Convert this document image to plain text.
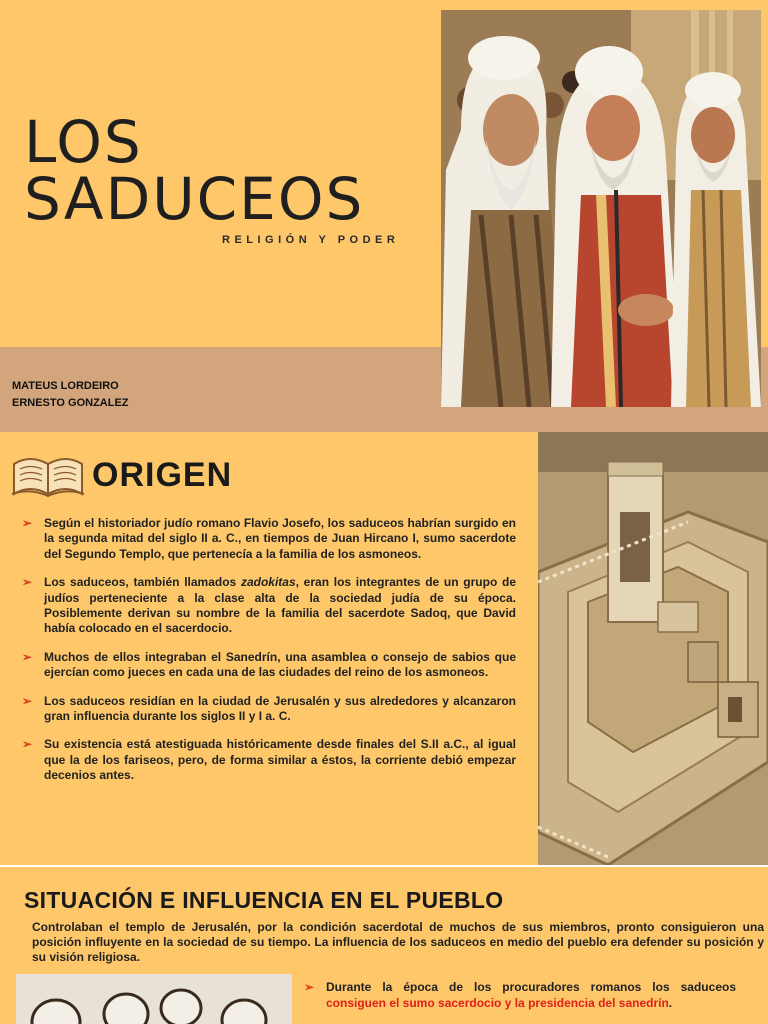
LOS
SADUCEOS
RELIGIÓN Y PODER
MATEUS LORDEIRO
ERNESTO GONZALEZ
ORIGEN
➢ Según el historiador judío romano Flavio Josefo, los saduceos habrían surgido en la segunda mitad del siglo II a. C., en tiempos de Juan Hircano I, sumo sacerdote del Segundo Templo, que pertenecía a la familia de los asmoneos.
➢ Los saduceos, también llamados zadokitas, eran los integrantes de un grupo de judíos perteneciente a la clase alta de la sociedad judía de su época. Posiblemente derivan su nombre de la familia del sacerdote Sadoq, que David había colocado en el sacerdocio.
➢ Muchos de ellos integraban el Sanedrín, una asamblea o consejo de sabios que ejercían como jueces en cada una de las ciudades del reino de los asmoneos.
➢ Los saduceos residían en la ciudad de Jerusalén y sus alrededores y alcanzaron gran influencia durante los siglos II y I a. C.
➢ Su existencia está atestiguada históricamente desde finales del S.II a.C., al igual que la de los fariseos, pero, de forma similar a éstos, la corriente debió empezar decenios antes.
SITUACIÓN E INFLUENCIA EN EL PUEBLO
Controlaban el templo de Jerusalén, por la condición sacerdotal de muchos de sus miembros, pronto consiguieron una posición influyente en la sociedad de su tiempo. La influencia de los saduceos en medio del pueblo era defender su posición y su visión religiosa.
➢ Durante la época de los procuradores romanos los saduceos consiguen el sumo sacerdocio y la presidencia del sanedrín.
